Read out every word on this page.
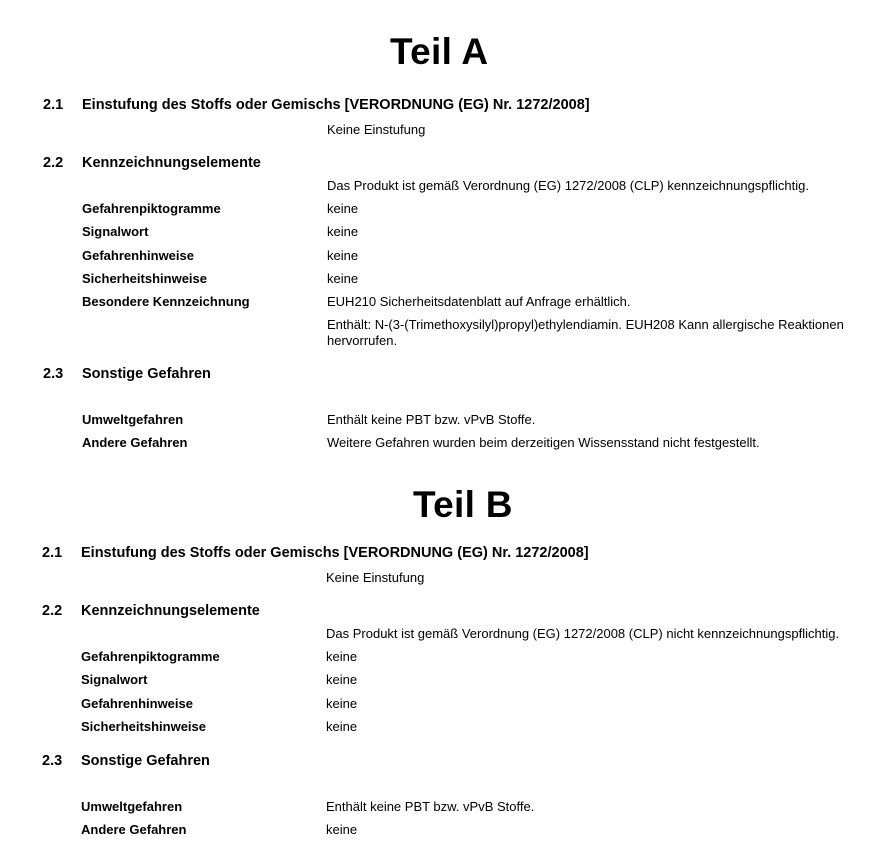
Teil A
2.1 Einstufung des Stoffs oder Gemischs [VERORDNUNG (EG) Nr. 1272/2008]
Keine Einstufung
2.2 Kennzeichnungselemente
Das Produkt ist gemäß Verordnung (EG) 1272/2008 (CLP) kennzeichnungspflichtig.
Gefahrenpiktogramme	keine
Signalwort	keine
Gefahrenhinweise	keine
Sicherheitshinweise	keine
Besondere Kennzeichnung	EUH210 Sicherheitsdatenblatt auf Anfrage erhältlich.
Enthält: N-(3-(Trimethoxysilyl)propyl)ethylendiamin. EUH208 Kann allergische Reaktionen hervorrufen.
2.3 Sonstige Gefahren
Umweltgefahren	Enthält keine PBT bzw. vPvB Stoffe.
Andere Gefahren	Weitere Gefahren wurden beim derzeitigen Wissensstand nicht festgestellt.
Teil B
2.1 Einstufung des Stoffs oder Gemischs [VERORDNUNG (EG) Nr. 1272/2008]
Keine Einstufung
2.2 Kennzeichnungselemente
Das Produkt ist gemäß Verordnung (EG) 1272/2008 (CLP) nicht kennzeichnungspflichtig.
Gefahrenpiktogramme	keine
Signalwort	keine
Gefahrenhinweise	keine
Sicherheitshinweise	keine
2.3 Sonstige Gefahren
Umweltgefahren	Enthält keine PBT bzw. vPvB Stoffe.
Andere Gefahren	keine
